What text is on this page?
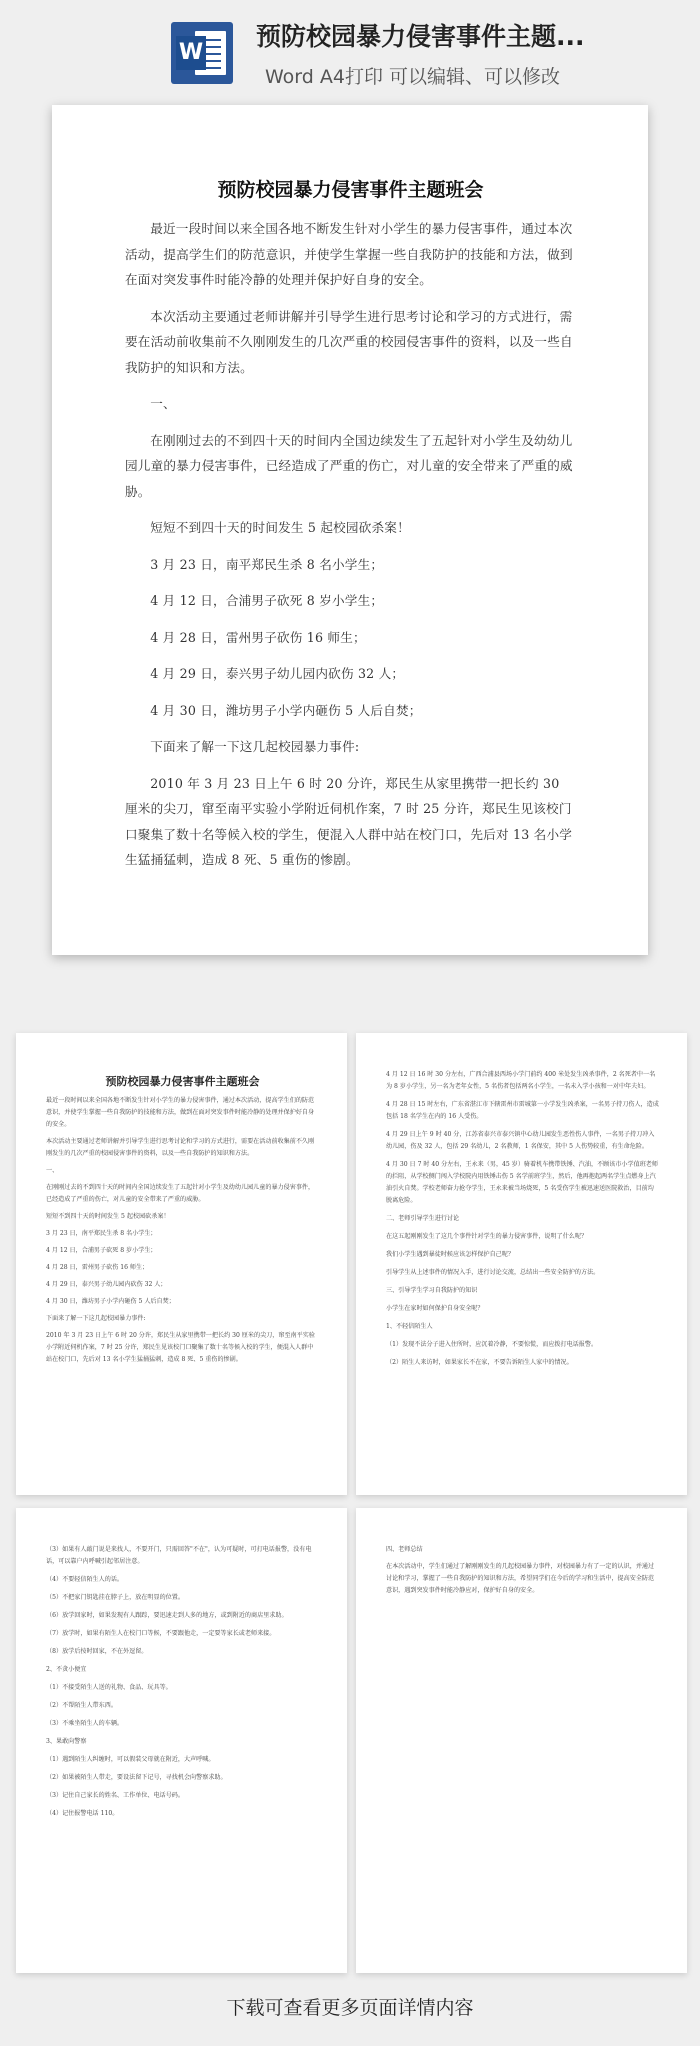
W
预防校园暴力侵害事件主题...
Word A4打印 可以编辑、可以修改
预防校园暴力侵害事件主题班会

最近一段时间以来全国各地不断发生针对小学生的暴力侵害事件，通过本次活动，提高学生们的防范意识，并使学生掌握一些自我防护的技能和方法，做到在面对突发事件时能冷静的处理并保护好自身的安全。

本次活动主要通过老师讲解并引导学生进行思考讨论和学习的方式进行，需要在活动前收集前不久刚刚发生的几次严重的校园侵害事件的资料，以及一些自我防护的知识和方法。

一、

在刚刚过去的不到四十天的时间内全国边续发生了五起针对小学生及幼幼儿园儿童的暴力侵害事件，已经造成了严重的伤亡，对儿童的安全带来了严重的威胁。

短短不到四十天的时间发生 5 起校园砍杀案！

3 月 23 日，南平郑民生杀 8 名小学生；

4 月 12 日，合浦男子砍死 8 岁小学生；

4 月 28 日，雷州男子砍伤 16 师生；

4 月 29 日，泰兴男子幼儿园内砍伤 32 人；

4 月 30 日，潍坊男子小学内砸伤 5 人后自焚；

下面来了解一下这几起校园暴力事件:

2010 年 3 月 23 日上午 6 时 20 分许，郑民生从家里携带一把长约 30 厘米的尖刀，窜至南平实验小学附近伺机作案，7 时 25 分许，郑民生见该校门口聚集了数十名等候入校的学生，便混入人群中站在校门口，先后对 13 名小学生猛捅猛刺，造成 8 死、5 重伤的惨剧。

预防校园暴力侵害事件主题班会

最近一段时间以来全国各地不断发生针对小学生的暴力侵害事件，通过本次活动，提高学生们的防范意识，并使学生掌握一些自我防护的技能和方法，做到在面对突发事件时能冷静的处理并保护好自身的安全。

本次活动主要通过老师讲解并引导学生进行思考讨论和学习的方式进行，需要在活动前收集前不久刚刚发生的几次严重的校园侵害事件的资料，以及一些自我防护的知识和方法。

一、

在刚刚过去的不到四十天的时间内全国边续发生了五起针对小学生及幼幼儿园儿童的暴力侵害事件，已经造成了严重的伤亡，对儿童的安全带来了严重的威胁。

短短不到四十天的时间发生 5 起校园砍杀案！

3 月 23 日，南平郑民生杀 8 名小学生；

4 月 12 日，合浦男子砍死 8 岁小学生；

4 月 28 日，雷州男子砍伤 16 师生；

4 月 29 日，泰兴男子幼儿园内砍伤 32 人；

4 月 30 日，潍坊男子小学内砸伤 5 人后自焚；

下面来了解一下这几起校园暴力事件:

2010 年 3 月 23 日上午 6 时 20 分许，郑民生从家里携带一把长约 30 厘米的尖刀，窜至南平实验小学附近伺机作案，7 时 25 分许，郑民生见该校门口聚集了数十名等候入校的学生，便混入人群中站在校门口，先后对 13 名小学生猛捅猛刺，造成 8 死、5 重伤的惨剧。

4 月 12 日 16 时 30 分左右，广西合浦县西场小学门前约 400 米处发生凶杀事件，2 名死者中一名为 8 岁小学生，另一名为老年女性，5 名伤者包括两名小学生，一名未入学小孩和一对中年夫妇。

4 月 28 日 15 时左右，广东省湛江市下辖雷州市雷城第一小学发生凶杀案，一名男子持刀伤人，造成包括 18 名学生在内的 16 人受伤。

4 月 29 日上午 9 时 40 分，江苏省泰兴市泰兴镇中心幼儿园发生恶性伤人事件，一名男子持刀冲入幼儿园，伤及 32 人，包括 29 名幼儿，2 名教师，1 名保安，其中 5 人伤势较重，有生命危险。

4 月 30 日 7 时 40 分左右，王永来（男，45 岁）骑着机车携带铁锤、汽油，不顾该市小学值班老师的拦阻，从学校侧门闯入学校院内用铁锤击伤 5 名学前班学生，然后，他再抱起两名学生点燃身上汽油引火自焚。学校老师奋力抢夺学生，王永来被当场烧死，5 名受伤学生被迅速送医院救治，目前均脱离危险。

二、老师引导学生进行讨论

在这五起刚刚发生了这几个事件针对学生的暴力侵害事件，说明了什么呢？

我们小学生遇到暴徒时候应该怎样保护自己呢？

引导学生从上述事件的情况入手，进行讨论交流，总结出一些安全防护的方法。

三、引导学生学习自我防护的知识

小学生在家时如何保护自身安全呢？

1、不轻信陌生人

（1）发现不法分子进入住所时，应沉着冷静，不要惊慌，而应拨打电话报警。

（2）陌生人来访时，如果家长不在家，不要告诉陌生人家中的情况。

（3）如果有人敲门说是来找人，不要开门，只需回答"不在"，认为可疑时，可打电话报警，没有电话，可以靠户内呼喊引起邻居注意。

（4）不要轻信陌生人的话。

（5）不把家门钥匙挂在脖子上，放在明显的位置。

（6）放学回家时，如果发现有人跟踪，要迅速走到人多的地方，或到附近的商店里求助。

（7）放学时，如果有陌生人在校门口等候，不要跟他走，一定要等家长或老师来接。

（8）放学后按时回家，不在外逗留。

2、不贪小便宜

（1）不接受陌生人送的礼物、食品、玩具等。

（2）不帮陌生人带东西。

（3）不乘坐陌生人的车辆。

3、果敢向警察

（1）遇到陌生人纠缠时，可以假装父母就在附近，大声呼喊。

（2）如果被陌生人带走，要设法留下记号，寻找机会向警察求助。

（3）记住自己家长的姓名、工作单位、电话号码。

（4）记住报警电话 110。

四、老师总结

在本次活动中，学生们通过了解刚刚发生的几起校园暴力事件，对校园暴力有了一定的认识，并通过讨论和学习，掌握了一些自我防护的知识和方法，希望同学们在今后的学习和生活中，提高安全防范意识，遇到突发事件时能冷静应对，保护好自身的安全。

下载可查看更多页面详情内容
